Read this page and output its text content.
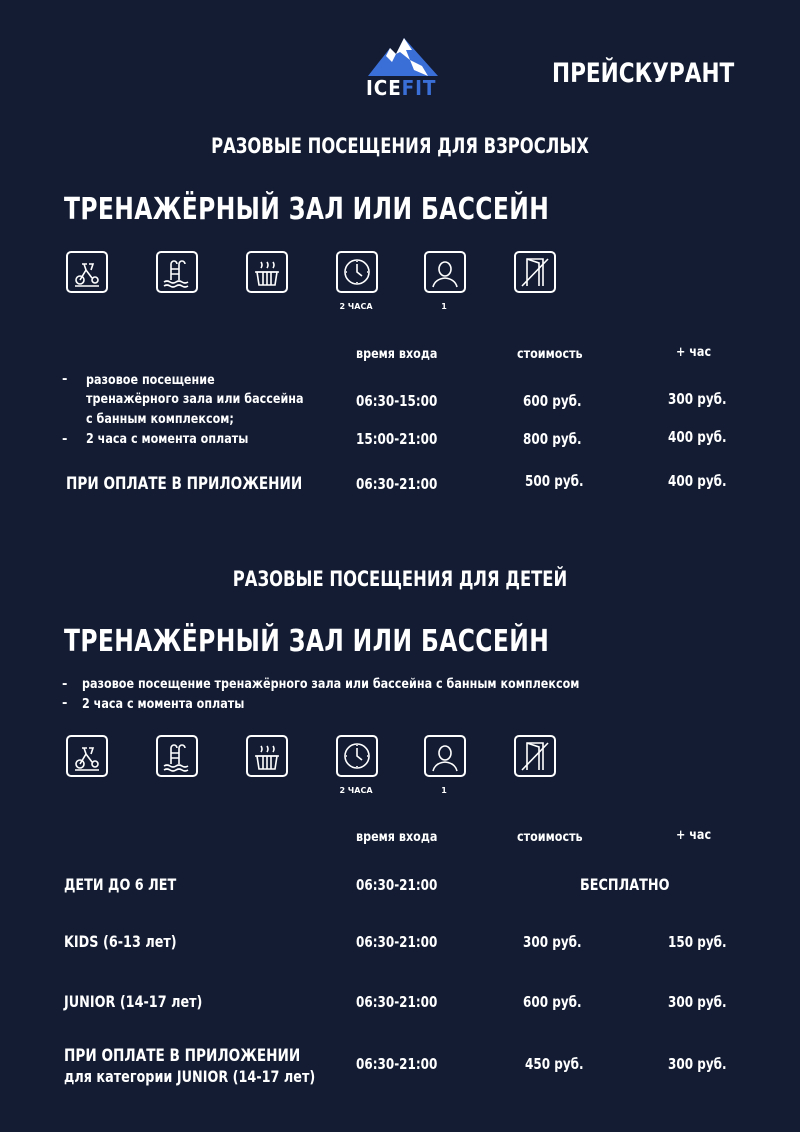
ICEFIT	ПРЕЙСКУРАНТ
РАЗОВЫЕ ПОСЕЩЕНИЯ ДЛЯ ВЗРОСЛЫХ
ТРЕНАЖЁРНЫЙ ЗАЛ ИЛИ БАССЕЙН
2 ЧАСА	1
время входа	стоимость	+ час
- разовое посещение
тренажёрного зала или бассейна
с банным комплексом;
- 2 часа с момента оплаты
06:30-15:00	600 руб.	300 руб.
15:00-21:00	800 руб.	400 руб.
ПРИ ОПЛАТЕ В ПРИЛОЖЕНИИ	06:30-21:00	500 руб.	400 руб.
РАЗОВЫЕ ПОСЕЩЕНИЯ ДЛЯ ДЕТЕЙ
ТРЕНАЖЁРНЫЙ ЗАЛ ИЛИ БАССЕЙН
- разовое посещение тренажёрного зала или бассейна с банным комплексом
- 2 часа с момента оплаты
2 ЧАСА	1
время входа	стоимость	+ час
ДЕТИ ДО 6 ЛЕТ	06:30-21:00	БЕСПЛАТНО
KIDS (6-13 лет)	06:30-21:00	300 руб.	150 руб.
JUNIOR (14-17 лет)	06:30-21:00	600 руб.	300 руб.
ПРИ ОПЛАТЕ В ПРИЛОЖЕНИИ
для категории JUNIOR (14-17 лет)
06:30-21:00	450 руб.	300 руб.
